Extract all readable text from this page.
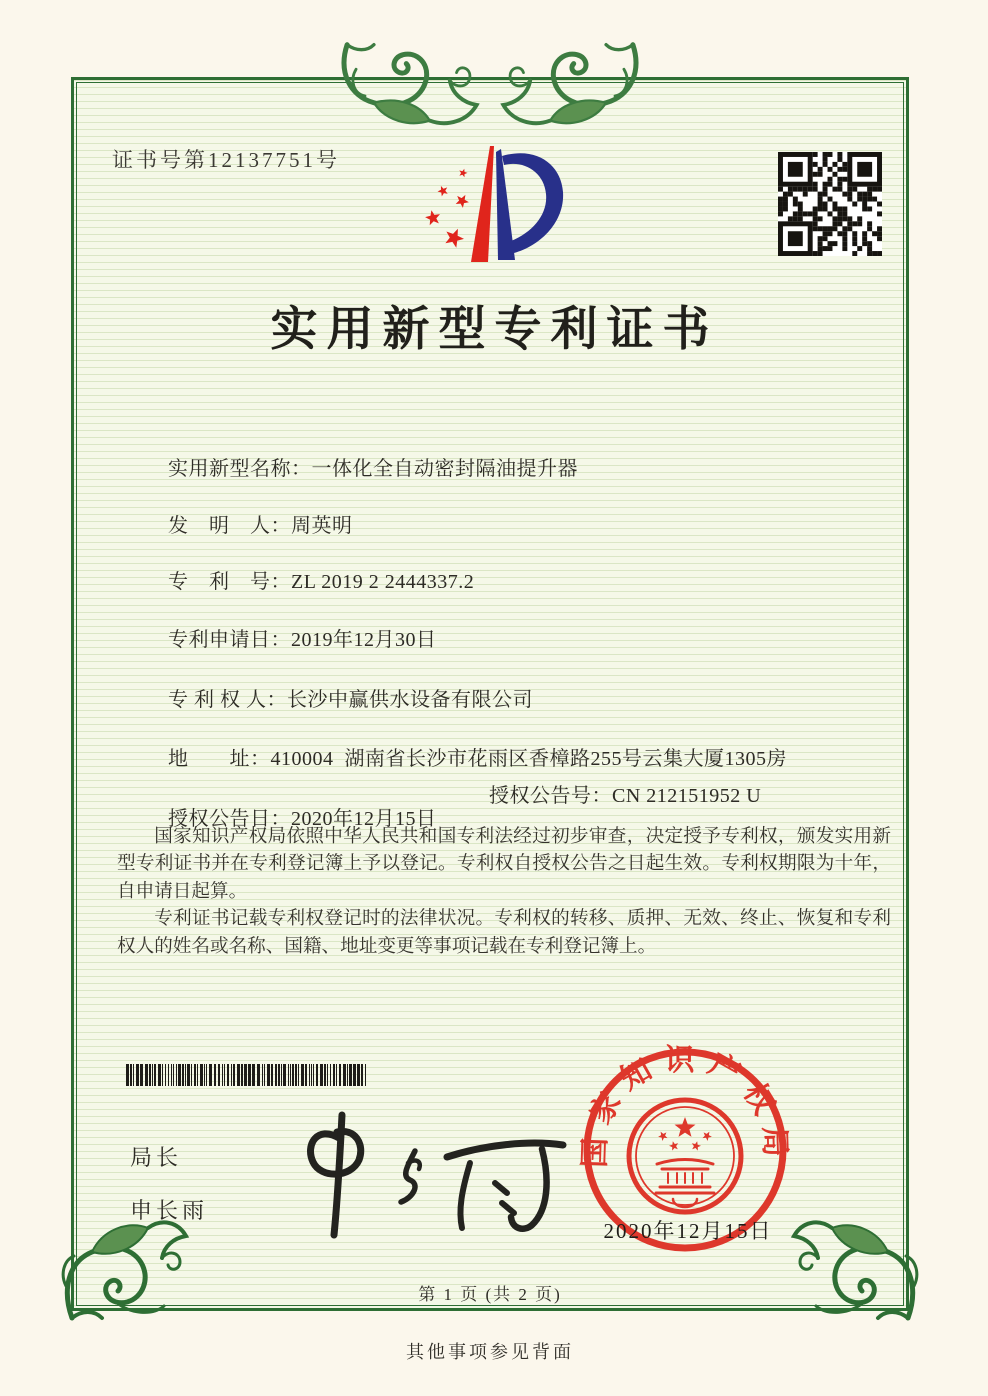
证书号第12137751号
实用新型专利证书

实用新型名称：一体化全自动密封隔油提升器

发　明　人：周英明

专　利　号：ZL 2019 2 2444337.2

专利申请日：2019年12月30日

专 利 权 人：长沙中赢供水设备有限公司

地　　址：410004  湖南省长沙市花雨区香樟路255号云集大厦1305房

授权公告日：2020年12月15日

授权公告号：CN 212151952 U

国家知识产权局依照中华人民共和国专利法经过初步审查，决定授予专利权，颁发实用新型专利证书并在专利登记簿上予以登记。专利权自授权公告之日起生效。专利权期限为十年，自申请日起算。

专利证书记载专利权登记时的法律状况。专利权的转移、质押、无效、终止、恢复和专利权人的姓名或名称、国籍、地址变更等事项记载在专利登记簿上。

局长
申长雨
国家知识产权局
2020年12月15日
第 1 页 (共 2 页)
其他事项参见背面
